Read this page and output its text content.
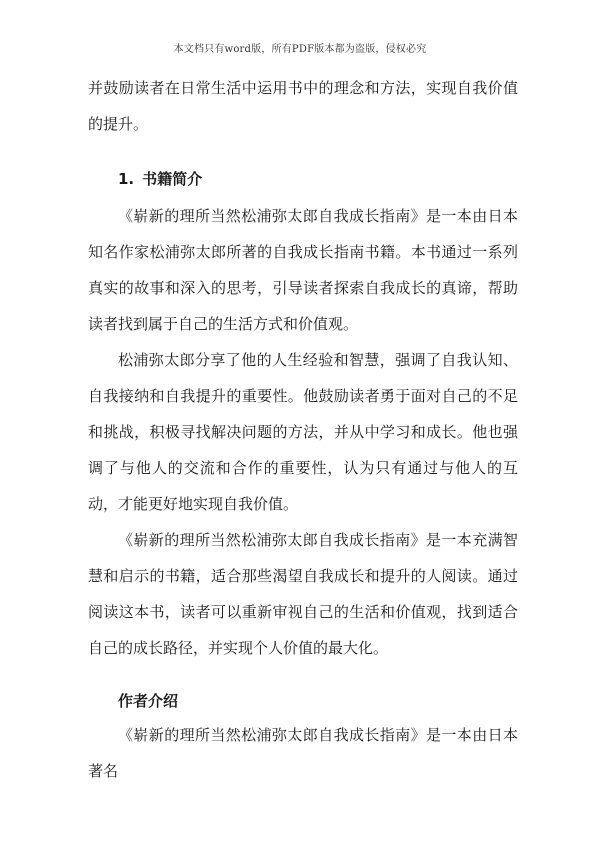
本文档只有word版，所有PDF版本都为盗版，侵权必究

并鼓励读者在日常生活中运用书中的理念和方法，实现自我价值的提升。

1. 书籍简介

《崭新的理所当然松浦弥太郎自我成长指南》是一本由日本知名作家松浦弥太郎所著的自我成长指南书籍。本书通过一系列真实的故事和深入的思考，引导读者探索自我成长的真谛，帮助读者找到属于自己的生活方式和价值观。

松浦弥太郎分享了他的人生经验和智慧，强调了自我认知、自我接纳和自我提升的重要性。他鼓励读者勇于面对自己的不足和挑战，积极寻找解决问题的方法，并从中学习和成长。他也强调了与他人的交流和合作的重要性，认为只有通过与他人的互动，才能更好地实现自我价值。

《崭新的理所当然松浦弥太郎自我成长指南》是一本充满智慧和启示的书籍，适合那些渴望自我成长和提升的人阅读。通过阅读这本书，读者可以重新审视自己的生活和价值观，找到适合自己的成长路径，并实现个人价值的最大化。

作者介绍

《崭新的理所当然松浦弥太郎自我成长指南》是一本由日本著名
